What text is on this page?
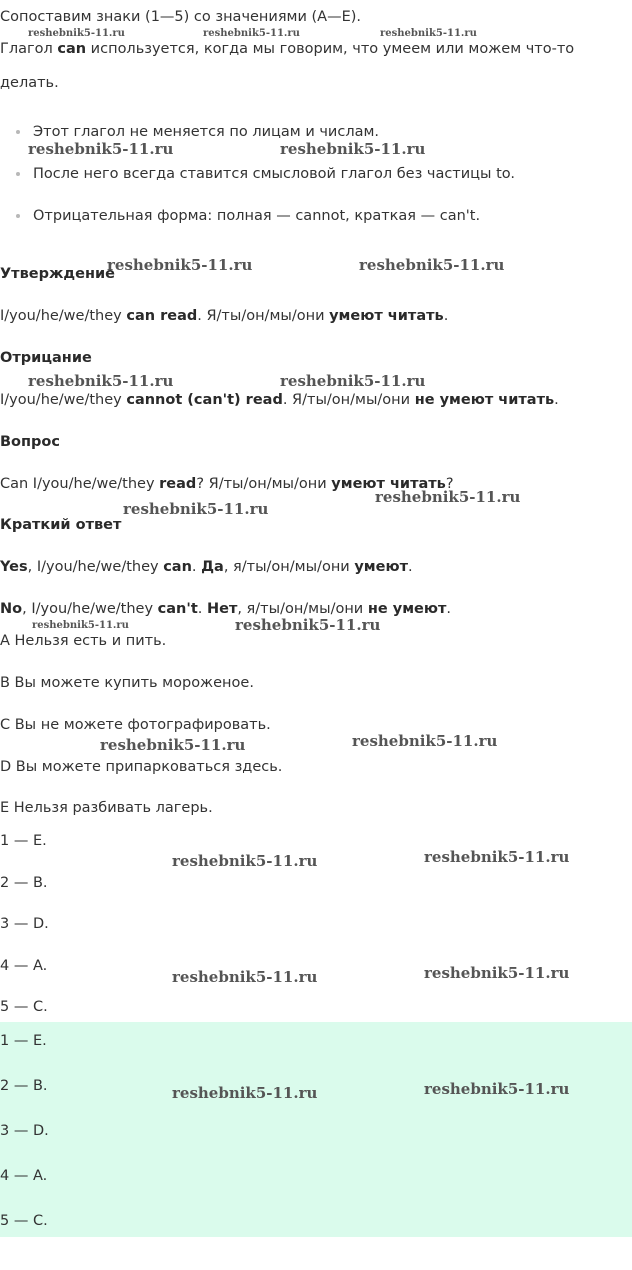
Сопоставим знаки (1—5) со значениями (A—E).
Глагол can используется, когда мы говорим, что умеем или можем что-то
делать.
Этот глагол не меняется по лицам и числам.
После него всегда ставится смысловой глагол без частицы to.
Отрицательная форма: полная — cannot, краткая — can't.
Утверждение
I/you/he/we/they can read. Я/ты/он/мы/они умеют читать.
Отрицание
I/you/he/we/they cannot (can't) read. Я/ты/он/мы/они не умеют читать.
Вопрос
Can I/you/he/we/they read? Я/ты/он/мы/они умеют читать?
Краткий ответ
Yes, I/you/he/we/they can. Да, я/ты/он/мы/они умеют.
No, I/you/he/we/they can't. Нет, я/ты/он/мы/они не умеют.
A Нельзя есть и пить.
B Вы можете купить мороженое.
C Вы не можете фотографировать.
D Вы можете припарковаться здесь.
E Нельзя разбивать лагерь.
1 — E.
2 — B.
3 — D.
4 — A.
5 — C.
1 — E.
2 — B.
3 — D.
4 — A.
5 — C.
reshebnik5-11.ru	reshebnik5-11.ru	reshebnik5-11.ru
reshebnik5-11.ru	reshebnik5-11.ru
reshebnik5-11.ru	reshebnik5-11.ru
reshebnik5-11.ru	reshebnik5-11.ru
reshebnik5-11.ru
reshebnik5-11.ru
reshebnik5-11.ru	reshebnik5-11.ru
reshebnik5-11.ru
reshebnik5-11.ru
reshebnik5-11.ru
reshebnik5-11.ru
reshebnik5-11.ru
reshebnik5-11.ru
reshebnik5-11.ru
reshebnik5-11.ru
